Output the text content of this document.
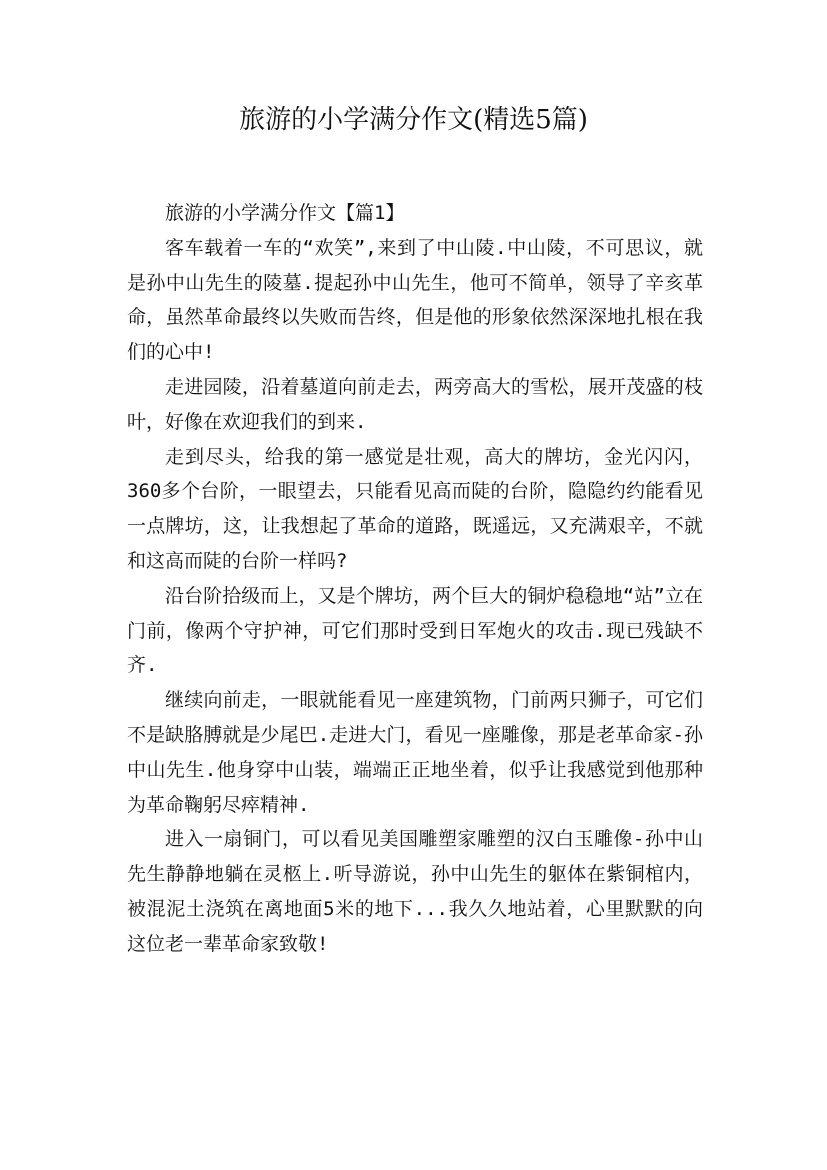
旅游的小学满分作文(精选5篇)

旅游的小学满分作文【篇1】

客车载着一车的“欢笑”,来到了中山陵.中山陵，不可思议，就是孙中山先生的陵墓.提起孙中山先生，他可不简单，领导了辛亥革命，虽然革命最终以失败而告终，但是他的形象依然深深地扎根在我们的心中!

走进园陵，沿着墓道向前走去，两旁高大的雪松，展开茂盛的枝叶，好像在欢迎我们的到来.

走到尽头，给我的第一感觉是壮观，高大的牌坊，金光闪闪，360多个台阶，一眼望去，只能看见高而陡的台阶，隐隐约约能看见一点牌坊，这，让我想起了革命的道路，既遥远，又充满艰辛，不就和这高而陡的台阶一样吗?

沿台阶拾级而上，又是个牌坊，两个巨大的铜炉稳稳地“站”立在门前，像两个守护神，可它们那时受到日军炮火的攻击.现已残缺不齐.

继续向前走，一眼就能看见一座建筑物，门前两只狮子，可它们不是缺胳膊就是少尾巴.走进大门，看见一座雕像，那是老革命家-孙中山先生.他身穿中山装，端端正正地坐着，似乎让我感觉到他那种为革命鞠躬尽瘁精神.

进入一扇铜门，可以看见美国雕塑家雕塑的汉白玉雕像-孙中山先生静静地躺在灵柩上.听导游说，孙中山先生的躯体在紫铜棺内，被混泥土浇筑在离地面5米的地下...我久久地站着，心里默默的向这位老一辈革命家致敬!
